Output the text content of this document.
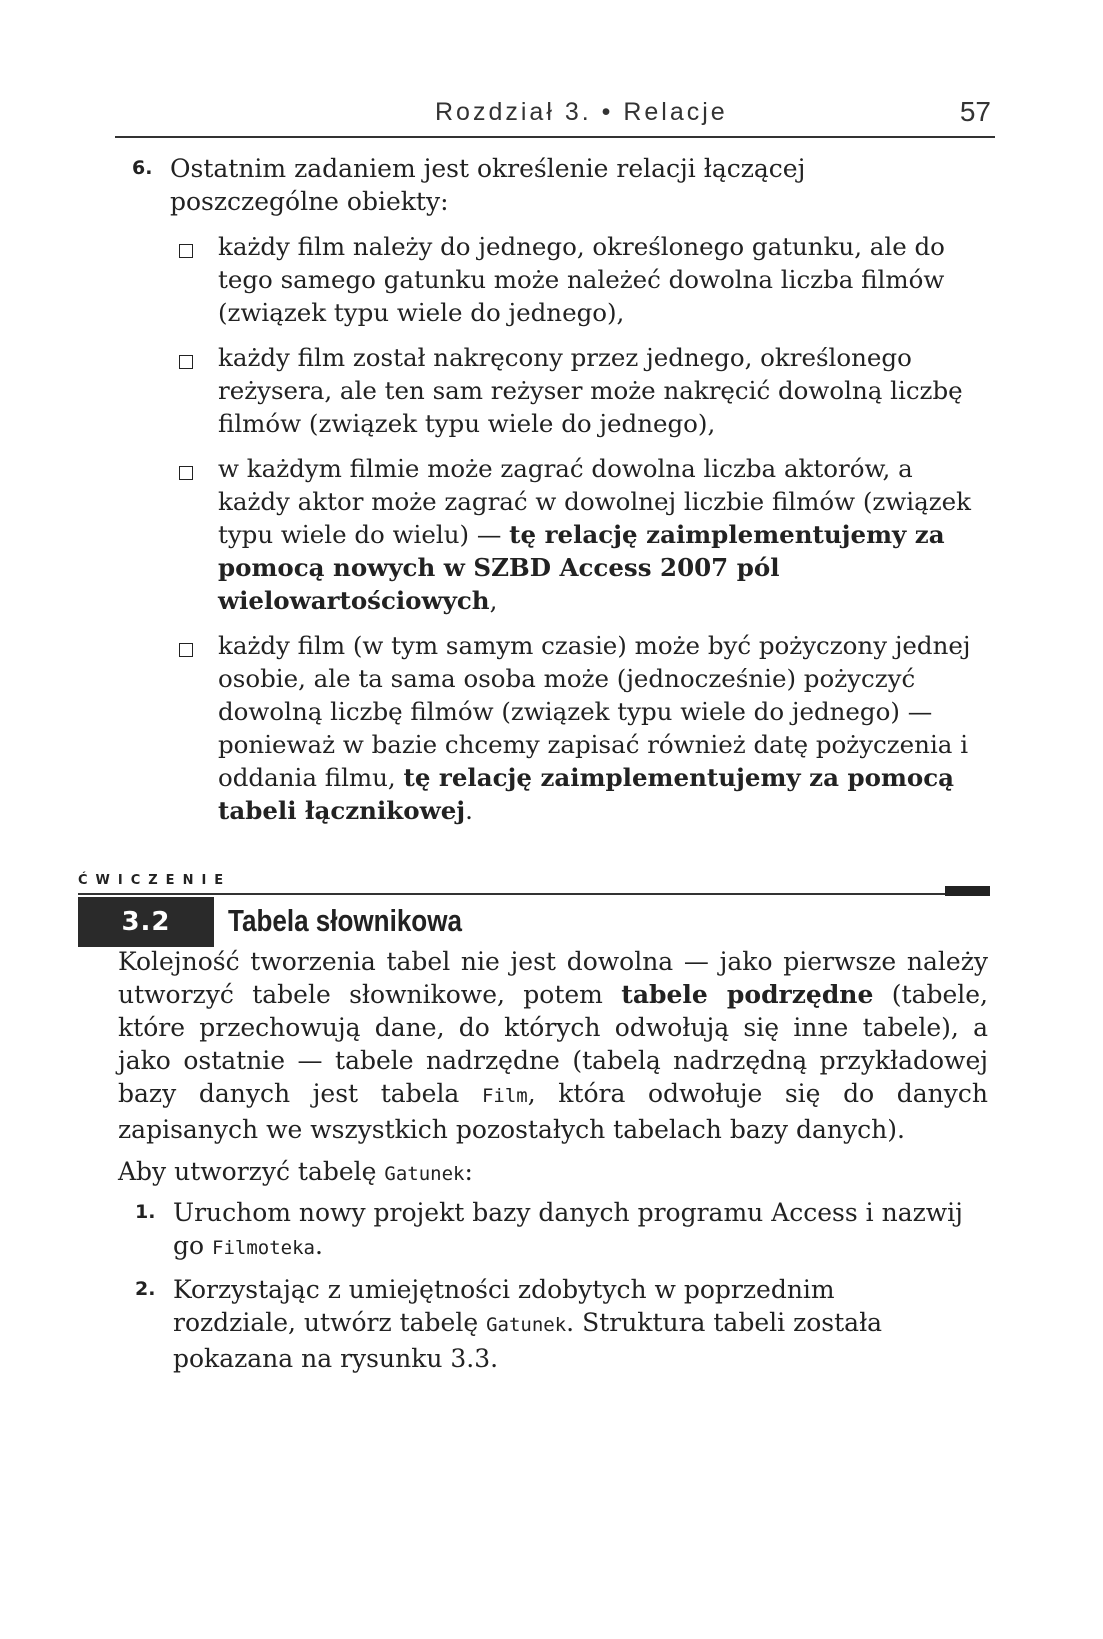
Rozdział 3. • Relacje	57
6. Ostatnim zadaniem jest określenie relacji łączącej poszczególne obiekty:
każdy film należy do jednego, określonego gatunku, ale do tego samego gatunku może należeć dowolna liczba filmów (związek typu wiele do jednego),
każdy film został nakręcony przez jednego, określonego reżysera, ale ten sam reżyser może nakręcić dowolną liczbę filmów (związek typu wiele do jednego),
w każdym filmie może zagrać dowolna liczba aktorów, a każdy aktor może zagrać w dowolnej liczbie filmów (związek typu wiele do wielu) — tę relację zaimplementujemy za pomocą nowych w SZBD Access 2007 pól wielowartościowych,
każdy film (w tym samym czasie) może być pożyczony jednej osobie, ale ta sama osoba może (jednocześnie) pożyczyć dowolną liczbę filmów (związek typu wiele do jednego) — ponieważ w bazie chcemy zapisać również datę pożyczenia i oddania filmu, tę relację zaimplementujemy za pomocą tabeli łącznikowej.
ĆWICZENIE
3.2	Tabela słownikowa
Kolejność tworzenia tabel nie jest dowolna — jako pierwsze należy utworzyć tabele słownikowe, potem tabele podrzędne (tabele, które przechowują dane, do których odwołują się inne tabele), a jako ostatnie — tabele nadrzędne (tabelą nadrzędną przykładowej bazy danych jest tabela Film, która odwołuje się do danych zapisanych we wszystkich pozostałych tabelach bazy danych).
Aby utworzyć tabelę Gatunek:
1. Uruchom nowy projekt bazy danych programu Access i nazwij go Filmoteka.
2. Korzystając z umiejętności zdobytych w poprzednim rozdziale, utwórz tabelę Gatunek. Struktura tabeli została pokazana na rysunku 3.3.
